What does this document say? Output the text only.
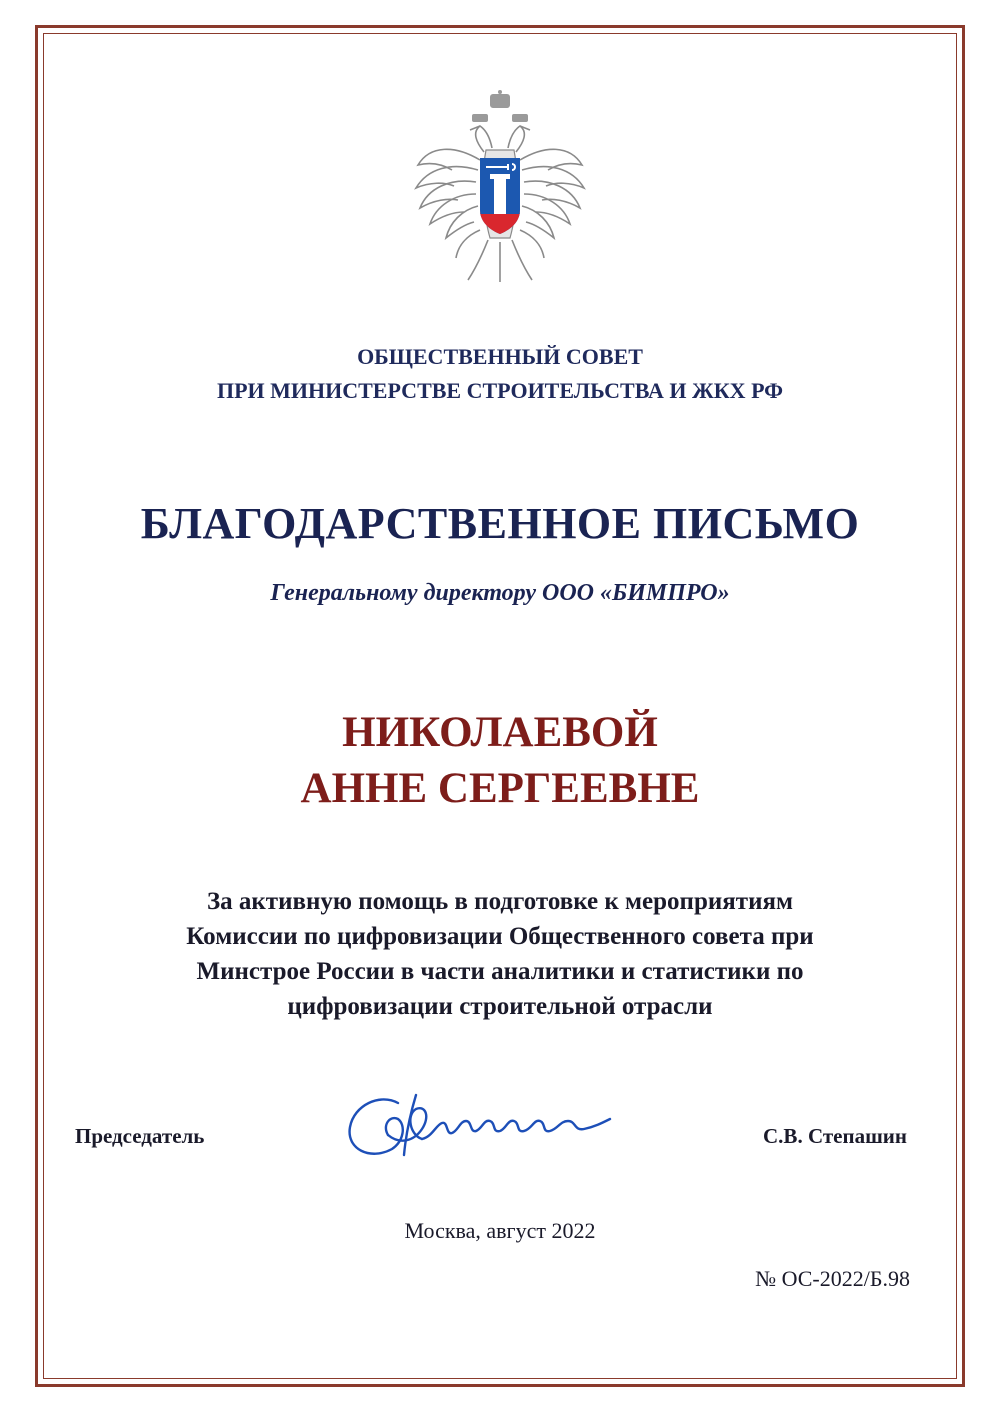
ОБЩЕСТВЕННЫЙ СОВЕТ
ПРИ МИНИСТЕРСТВЕ СТРОИТЕЛЬСТВА И ЖКХ РФ
БЛАГОДАРСТВЕННОЕ ПИСЬМО
Генеральному директору ООО «БИМПРО»
НИКОЛАЕВОЙ
АННЕ СЕРГЕЕВНЕ
За активную помощь в подготовке к мероприятиям
Комиссии по цифровизации Общественного совета при
Минстрое России в части аналитики и статистики по
цифровизации строительной отрасли
Председатель	С.В. Степашин
Москва, август 2022
№ ОС-2022/Б.98
